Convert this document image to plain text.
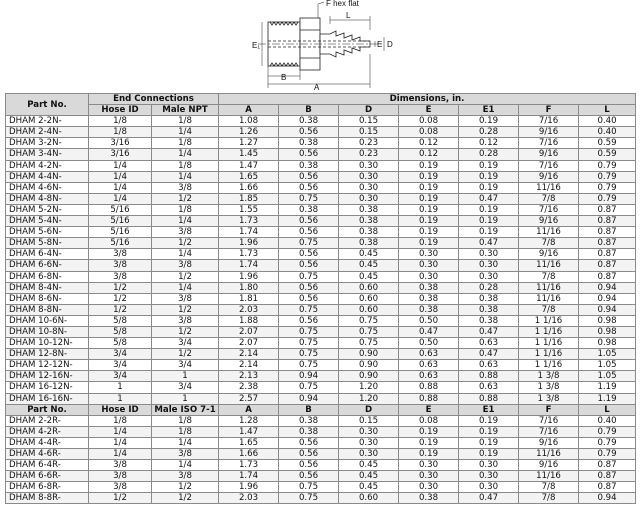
F hex flat
L
E₁	E D
B
A
Part No.	End Connections		Dimensions, in.						
	Hose ID	Male NPT	A	B	D	E	E1	F	L
DHAM 2-2N-	1/8	1/8	1.08	0.38	0.15	0.08	0.19	7/16	0.40
DHAM 2-4N-	1/8	1/4	1.26	0.56	0.15	0.08	0.28	9/16	0.40
DHAM 3-2N-	3/16	1/8	1.27	0.38	0.23	0.12	0.12	7/16	0.59
DHAM 3-4N-	3/16	1/4	1.45	0.56	0.23	0.12	0.28	9/16	0.59
DHAM 4-2N-	1/4	1/8	1.47	0.38	0.30	0.19	0.19	7/16	0.79
DHAM 4-4N-	1/4	1/4	1.65	0.56	0.30	0.19	0.19	9/16	0.79
DHAM 4-6N-	1/4	3/8	1.66	0.56	0.30	0.19	0.19	11/16	0.79
DHAM 4-8N-	1/4	1/2	1.85	0.75	0.30	0.19	0.47	7/8	0.79
DHAM 5-2N-	5/16	1/8	1.55	0.38	0.38	0.19	0.19	7/16	0.87
DHAM 5-4N-	5/16	1/4	1.73	0.56	0.38	0.19	0.19	9/16	0.87
DHAM 5-6N-	5/16	3/8	1.74	0.56	0.38	0.19	0.19	11/16	0.87
DHAM 5-8N-	5/16	1/2	1.96	0.75	0.38	0.19	0.47	7/8	0.87
DHAM 6-4N-	3/8	1/4	1.73	0.56	0.45	0.30	0.30	9/16	0.87
DHAM 6-6N-	3/8	3/8	1.74	0.56	0.45	0.30	0.30	11/16	0.87
DHAM 6-8N-	3/8	1/2	1.96	0.75	0.45	0.30	0.30	7/8	0.87
DHAM 8-4N-	1/2	1/4	1.80	0.56	0.60	0.38	0.28	11/16	0.94
DHAM 8-6N-	1/2	3/8	1.81	0.56	0.60	0.38	0.38	11/16	0.94
DHAM 8-8N-	1/2	1/2	2.03	0.75	0.60	0.38	0.38	7/8	0.94
DHAM 10-6N-	5/8	3/8	1.88	0.56	0.75	0.50	0.38	1 1/16	0.98
DHAM 10-8N-	5/8	1/2	2.07	0.75	0.75	0.47	0.47	1 1/16	0.98
DHAM 10-12N-	5/8	3/4	2.07	0.75	0.75	0.50	0.63	1 1/16	0.98
DHAM 12-8N-	3/4	1/2	2.14	0.75	0.90	0.63	0.47	1 1/16	1.05
DHAM 12-12N-	3/4	3/4	2.14	0.75	0.90	0.63	0.63	1 1/16	1.05
DHAM 12-16N-	3/4	1	2.13	0.94	0.90	0.63	0.88	1 3/8	1.05
DHAM 16-12N-	1	3/4	2.38	0.75	1.20	0.88	0.63	1 3/8	1.19
DHAM 16-16N-	1	1	2.57	0.94	1.20	0.88	0.88	1 3/8	1.19
Part No.	Hose ID	Male ISO 7-1	A	B	D	E	E1	F	L
DHAM 2-2R-	1/8	1/8	1.28	0.38	0.15	0.08	0.19	7/16	0.40
DHAM 4-2R-	1/4	1/8	1.47	0.38	0.30	0.19	0.19	7/16	0.79
DHAM 4-4R-	1/4	1/4	1.65	0.56	0.30	0.19	0.19	9/16	0.79
DHAM 4-6R-	1/4	3/8	1.66	0.56	0.30	0.19	0.19	11/16	0.79
DHAM 6-4R-	3/8	1/4	1.73	0.56	0.45	0.30	0.30	9/16	0.87
DHAM 6-6R-	3/8	3/8	1.74	0.56	0.45	0.30	0.30	11/16	0.87
DHAM 6-8R-	3/8	1/2	1.96	0.75	0.45	0.30	0.30	7/8	0.87
DHAM 8-8R-	1/2	1/2	2.03	0.75	0.60	0.38	0.47	7/8	0.94
